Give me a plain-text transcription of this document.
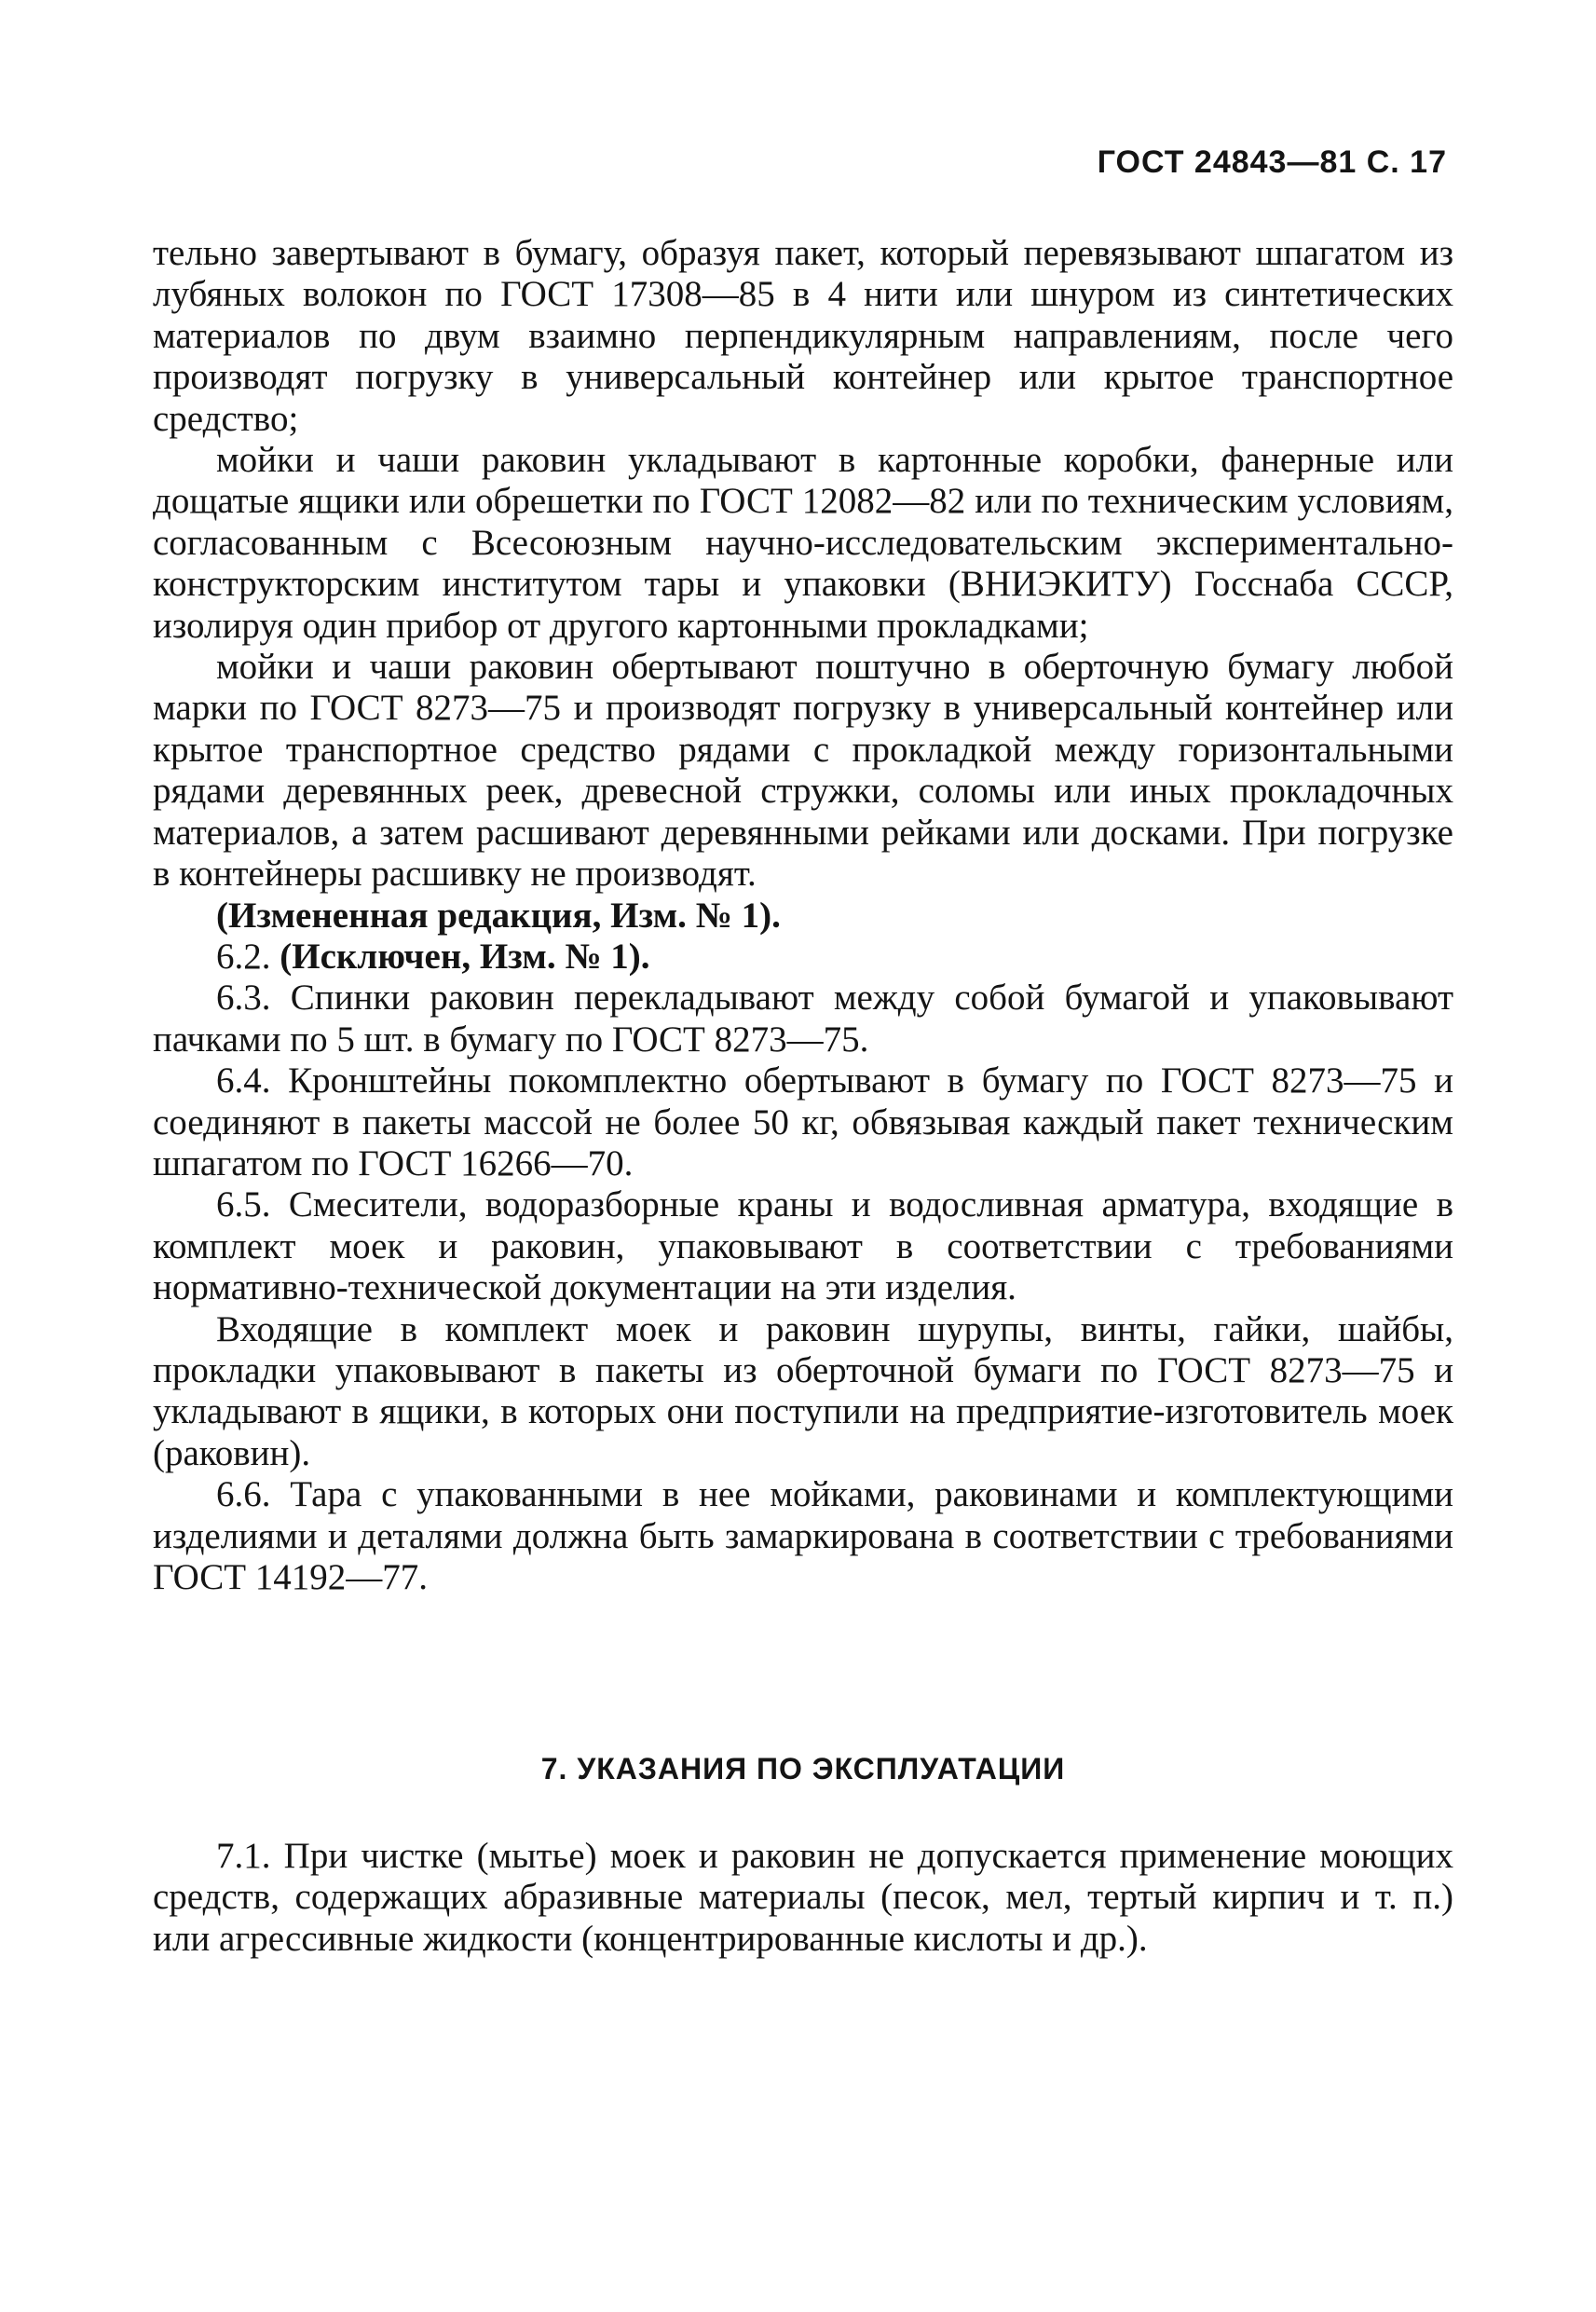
ГОСТ 24843—81 С. 17

тельно завертывают в бумагу, образуя пакет, который перевязывают шпагатом из лубяных волокон по ГОСТ 17308—85 в 4 нити или шнуром из синтетических материалов по двум взаимно перпендикулярным направлениям, после чего производят погрузку в универсальный контейнер или крытое транспортное средство;

мойки и чаши раковин укладывают в картонные коробки, фанерные или дощатые ящики или обрешетки по ГОСТ 12082—82 или по техническим условиям, согласованным с Всесоюзным научно-исследовательским экспериментально-конструкторским институтом тары и упаковки (ВНИЭКИТУ) Госснаба СССР, изолируя один прибор от другого картонными прокладками;

мойки и чаши раковин обертывают поштучно в оберточную бумагу любой марки по ГОСТ 8273—75 и производят погрузку в универсальный контейнер или крытое транспортное средство рядами с прокладкой между горизонтальными рядами деревянных реек, древесной стружки, соломы или иных прокладочных материалов, а затем расшивают деревянными рейками или досками. При погрузке в контейнеры расшивку не производят.

(Измененная редакция, Изм. № 1).

6.2. (Исключен, Изм. № 1).

6.3. Спинки раковин перекладывают между собой бумагой и упаковывают пачками по 5 шт. в бумагу по ГОСТ 8273—75.

6.4. Кронштейны покомплектно обертывают в бумагу по ГОСТ 8273—75 и соединяют в пакеты массой не более 50 кг, обвязывая каждый пакет техническим шпагатом по ГОСТ 16266—70.

6.5. Смесители, водоразборные краны и водосливная арматура, входящие в комплект моек и раковин, упаковывают в соответствии с требованиями нормативно-технической документации на эти изделия.

Входящие в комплект моек и раковин шурупы, винты, гайки, шайбы, прокладки упаковывают в пакеты из оберточной бумаги по ГОСТ 8273—75 и укладывают в ящики, в которых они поступили на предприятие-изготовитель моек (раковин).

6.6. Тара с упакованными в нее мойками, раковинами и комплектующими изделиями и деталями должна быть замаркирована в соответствии с требованиями ГОСТ 14192—77.

7. УКАЗАНИЯ ПО ЭКСПЛУАТАЦИИ

7.1. При чистке (мытье) моек и раковин не допускается применение моющих средств, содержащих абразивные материалы (песок, мел, тертый кирпич и т. п.) или агрессивные жидкости (концентрированные кислоты и др.).
